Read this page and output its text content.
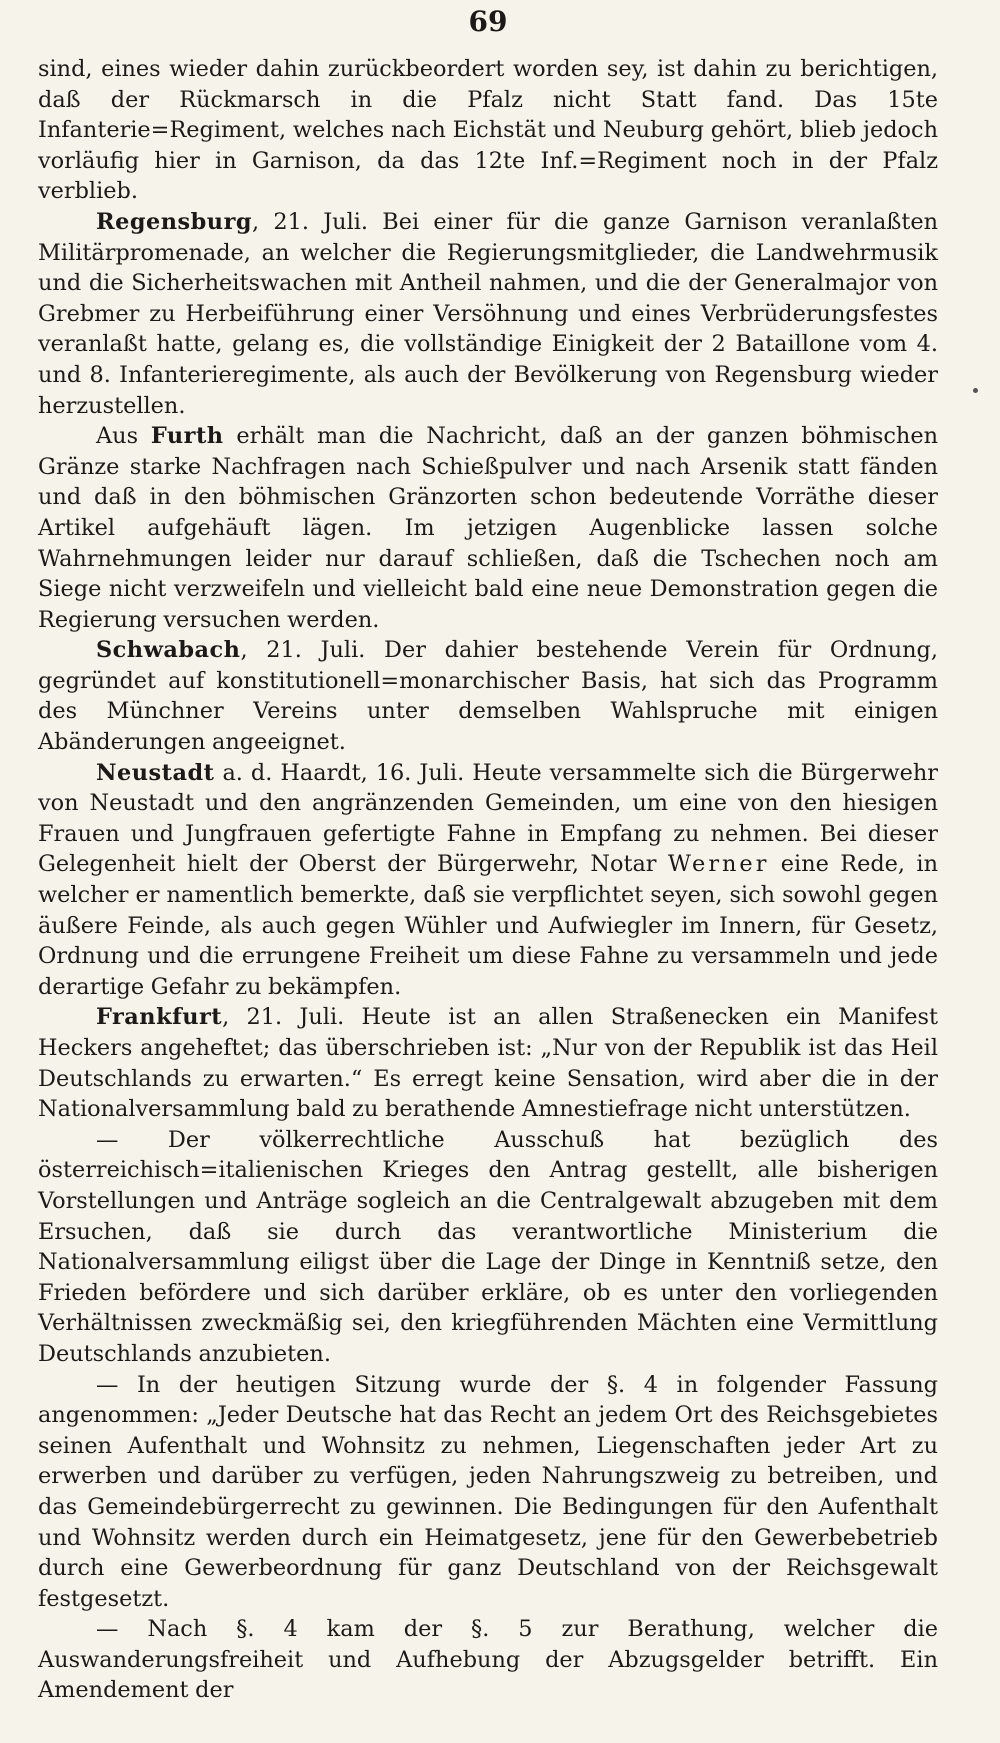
69

sind, eines wieder dahin zurückbeordert worden sey, ist dahin zu berichtigen, daß der Rückmarsch in die Pfalz nicht Statt fand. Das 15te Infanterie=Regiment, welches nach Eichstät und Neuburg gehört, blieb jedoch vorläufig hier in Garnison, da das 12te Inf.=Regiment noch in der Pfalz verblieb.

Regensburg, 21. Juli. Bei einer für die ganze Garnison veranlaßten Militärpromenade, an welcher die Regierungsmitglieder, die Landwehrmusik und die Sicherheitswachen mit Antheil nahmen, und die der Generalmajor von Grebmer zu Herbeiführung einer Versöhnung und eines Verbrüderungsfestes veranlaßt hatte, gelang es, die vollständige Einigkeit der 2 Bataillone vom 4. und 8. Infanterieregimente, als auch der Bevölkerung von Regensburg wieder herzustellen.

Aus Furth erhält man die Nachricht, daß an der ganzen böhmischen Gränze starke Nachfragen nach Schießpulver und nach Arsenik statt fänden und daß in den böhmischen Gränzorten schon bedeutende Vorräthe dieser Artikel aufgehäuft lägen. Im jetzigen Augenblicke lassen solche Wahrnehmungen leider nur darauf schließen, daß die Tschechen noch am Siege nicht verzweifeln und vielleicht bald eine neue Demonstration gegen die Regierung versuchen werden.

Schwabach, 21. Juli. Der dahier bestehende Verein für Ordnung, gegründet auf konstitutionell=monarchischer Basis, hat sich das Programm des Münchner Vereins unter demselben Wahlspruche mit einigen Abänderungen angeeignet.

Neustadt a. d. Haardt, 16. Juli. Heute versammelte sich die Bürgerwehr von Neustadt und den angränzenden Gemeinden, um eine von den hiesigen Frauen und Jungfrauen gefertigte Fahne in Empfang zu nehmen. Bei dieser Gelegenheit hielt der Oberst der Bürgerwehr, Notar Werner eine Rede, in welcher er namentlich bemerkte, daß sie verpflichtet seyen, sich sowohl gegen äußere Feinde, als auch gegen Wühler und Aufwiegler im Innern, für Gesetz, Ordnung und die errungene Freiheit um diese Fahne zu versammeln und jede derartige Gefahr zu bekämpfen.

Frankfurt, 21. Juli. Heute ist an allen Straßenecken ein Manifest Heckers angeheftet; das überschrieben ist: „Nur von der Republik ist das Heil Deutschlands zu erwarten.“ Es erregt keine Sensation, wird aber die in der Nationalversammlung bald zu berathende Amnestiefrage nicht unterstützen.

— Der völkerrechtliche Ausschuß hat bezüglich des österreichisch=italienischen Krieges den Antrag gestellt, alle bisherigen Vorstellungen und Anträge sogleich an die Centralgewalt abzugeben mit dem Ersuchen, daß sie durch das verantwortliche Ministerium die Nationalversammlung eiligst über die Lage der Dinge in Kenntniß setze, den Frieden befördere und sich darüber erkläre, ob es unter den vorliegenden Verhältnissen zweckmäßig sei, den kriegführenden Mächten eine Vermittlung Deutschlands anzubieten.

— In der heutigen Sitzung wurde der §. 4 in folgender Fassung angenommen: „Jeder Deutsche hat das Recht an jedem Ort des Reichsgebietes seinen Aufenthalt und Wohnsitz zu nehmen, Liegenschaften jeder Art zu erwerben und darüber zu verfügen, jeden Nahrungszweig zu betreiben, und das Gemeindebürgerrecht zu gewinnen. Die Bedingungen für den Aufenthalt und Wohnsitz werden durch ein Heimatgesetz, jene für den Gewerbebetrieb durch eine Gewerbeordnung für ganz Deutschland von der Reichsgewalt festgesetzt.

— Nach §. 4 kam der §. 5 zur Berathung, welcher die Auswanderungsfreiheit und Aufhebung der Abzugsgelder betrifft. Ein Amendement der
